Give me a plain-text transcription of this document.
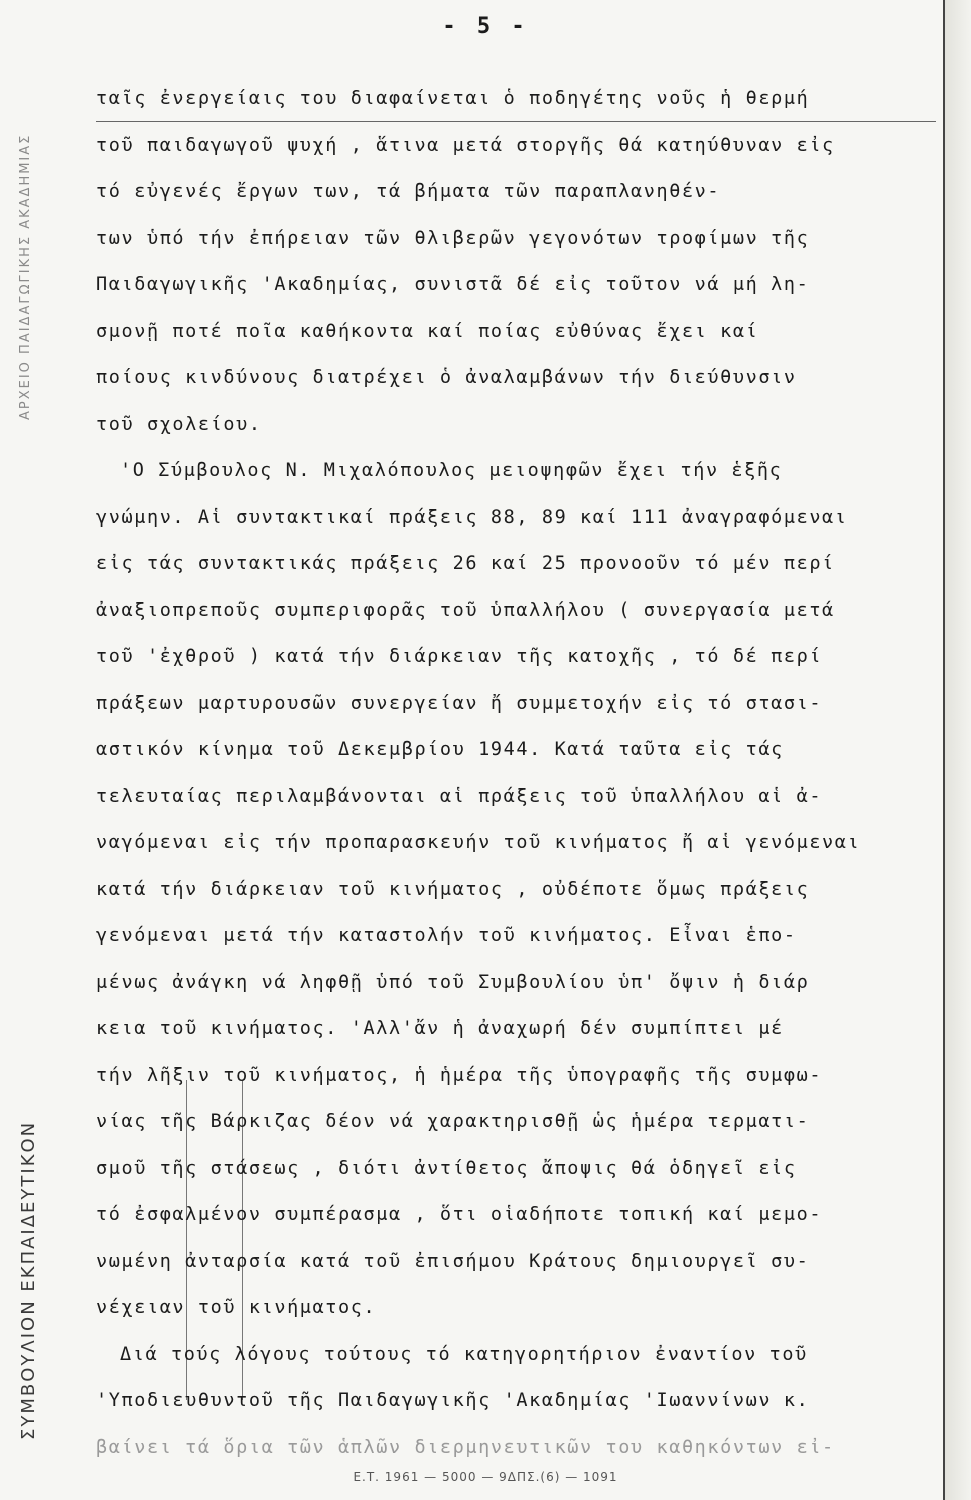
- 5 -
ΑΡΧΕΙΟ ΠΑΙΔΑΓΩΓΙΚΗΣ ΑΚΑΔΗΜΙΑΣ
ΣΥΜΒΟΥΛΙΟΝ ΕΚΠΑΙΔΕΥΤΙΚΟΝ
ταῖς ἐνεργείαις του διαφαίνεται ὁ ποδηγέτης νοῦς ἡ θερμή
τοῦ παιδαγωγοῦ ψυχή , ἅτινα μετά στοργῆς θά κατηύθυναν εἰς
τό εὐγενές ἔργων των, τά βήματα τῶν παραπλανηθέν-
των ὑπό τήν ἐπήρειαν τῶν θλιβερῶν γεγονότων τροφίμων τῆς
Παιδαγωγικῆς 'Ακαδημίας, συνιστᾶ δέ εἰς τοῦτον νά μή λη-
σμονῇ ποτέ ποῖα καθήκοντα καί ποίας εὐθύνας ἔχει καί
ποίους κινδύνους διατρέχει ὁ ἀναλαμβάνων τήν διεύθυνσιν
τοῦ σχολείου.
'Ο Σύμβουλος Ν. Μιχαλόπουλος μειοψηφῶν ἔχει τήν ἑξῆς
γνώμην. Αἱ συντακτικαί πράξεις 88, 89 καί 111 ἀναγραφόμεναι
εἰς τάς συντακτικάς πράξεις 26 καί 25 προνοοῦν τό μέν περί
ἀναξιοπρεποῦς συμπεριφορᾶς τοῦ ὑπαλλήλου ( συνεργασία μετά
τοῦ 'ἐχθροῦ ) κατά τήν διάρκειαν τῆς κατοχῆς , τό δέ περί
πράξεων μαρτυρουσῶν συνεργείαν ἤ συμμετοχήν εἰς τό στασι-
αστικόν κίνημα τοῦ Δεκεμβρίου 1944. Κατά ταῦτα εἰς τάς
τελευταίας περιλαμβάνονται αἱ πράξεις τοῦ ὑπαλλήλου αἱ ἀ-
ναγόμεναι εἰς τήν προπαρασκευήν τοῦ κινήματος ἤ αἱ γενόμεναι
κατά τήν διάρκειαν τοῦ κινήματος , οὐδέποτε ὅμως πράξεις
γενόμεναι μετά τήν καταστολήν τοῦ κινήματος. Εἶναι ἑπο-
μένως ἀνάγκη νά ληφθῇ ὑπό τοῦ Συμβουλίου ὑπ' ὄψιν ἡ διάρ
κεια τοῦ κινήματος. 'Αλλ'ἄν ἡ ἀναχωρή δέν συμπίπτει μέ
τήν λῆξιν τοῦ κινήματος, ἡ ἡμέρα τῆς ὑπογραφῆς τῆς συμφω-
νίας τῆς Βάρκιζας δέον νά χαρακτηρισθῇ ὡς ἡμέρα τερματι-
σμοῦ τῆς στάσεως , διότι ἀντίθετος ἄποψις θά ὁδηγεῖ εἰς
τό ἐσφαλμένον συμπέρασμα , ὅτι οἱαδήποτε τοπική καί μεμο-
νωμένη ἀνταρσία κατά τοῦ ἐπισήμου Κράτους δημιουργεῖ συ-
νέχειαν τοῦ κινήματος.
Διά τούς λόγους τούτους τό κατηγορητήριον ἐναντίον τοῦ
'Υποδιευθυντοῦ τῆς Παιδαγωγικῆς 'Ακαδημίας 'Ιωαννίνων κ.
βαίνει τά ὅρια τῶν ἁπλῶν διερμηνευτικῶν του καθηκόντων εἰ-
Ε.Τ. 1961 — 5000 — 9ΔΠΣ.(6) — 1091
